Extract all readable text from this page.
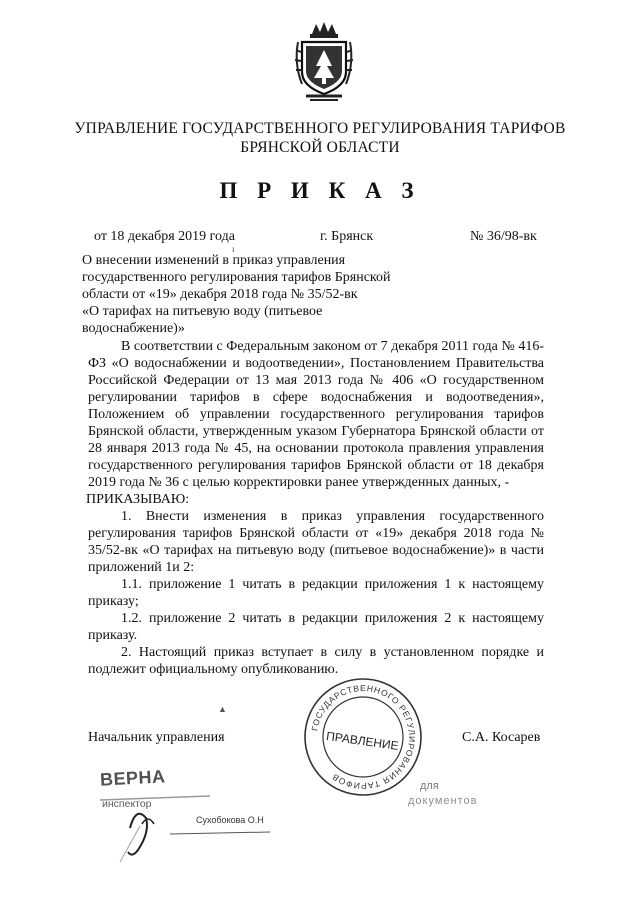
УПРАВЛЕНИЕ ГОСУДАРСТВЕННОГО РЕГУЛИРОВАНИЯ ТАРИФОВ
БРЯНСКОЙ ОБЛАСТИ
П Р И К А З
от 18 декабря 2019 года	г. Брянск	№ 36/98-вк
ı
О внесении изменений в приказ управления
государственного регулирования тарифов Брянской
области от «19» декабря 2018 года № 35/52-вк
«О тарифах на питьевую воду (питьевое
водоснабжение)»

В соответствии с Федеральным законом от 7 декабря 2011 года № 416-ФЗ «О водоснабжении и водоотведении», Постановлением Правительства Российской Федерации от 13 мая 2013 года № 406 «О государственном регулировании тарифов в сфере водоснабжения и водоотведения», Положением об управлении государственного регулирования тарифов Брянской области, утвержденным указом Губернатора Брянской области от 28 января 2013 года № 45, на основании протокола правления управления государственного регулирования тарифов Брянской области от 18 декабря 2019 года № 36 с целью корректировки ранее утвержденных данных, -

ПРИКАЗЫВАЮ:

1. Внести изменения в приказ управления государственного регулирования тарифов Брянской области от «19» декабря 2018 года № 35/52-вк «О тарифах на питьевую воду (питьевое водоснабжение)» в части приложений 1и 2:

1.1. приложение 1 читать в редакции приложения 1 к настоящему приказу;

1.2. приложение 2 читать в редакции приложения 2 к настоящему приказу.

2. Настоящий приказ вступает в силу в установленном порядке и подлежит официальному опубликованию.

▲
Начальник управления	С.А. Косарев
ГОСУДАРСТВЕННОГО РЕГУЛИРОВАНИЯ ТАРИФОВ
ПРАВЛЕНИЕ
ВЕРНА
инспектор
Сухобокова О.Н
для
документов
